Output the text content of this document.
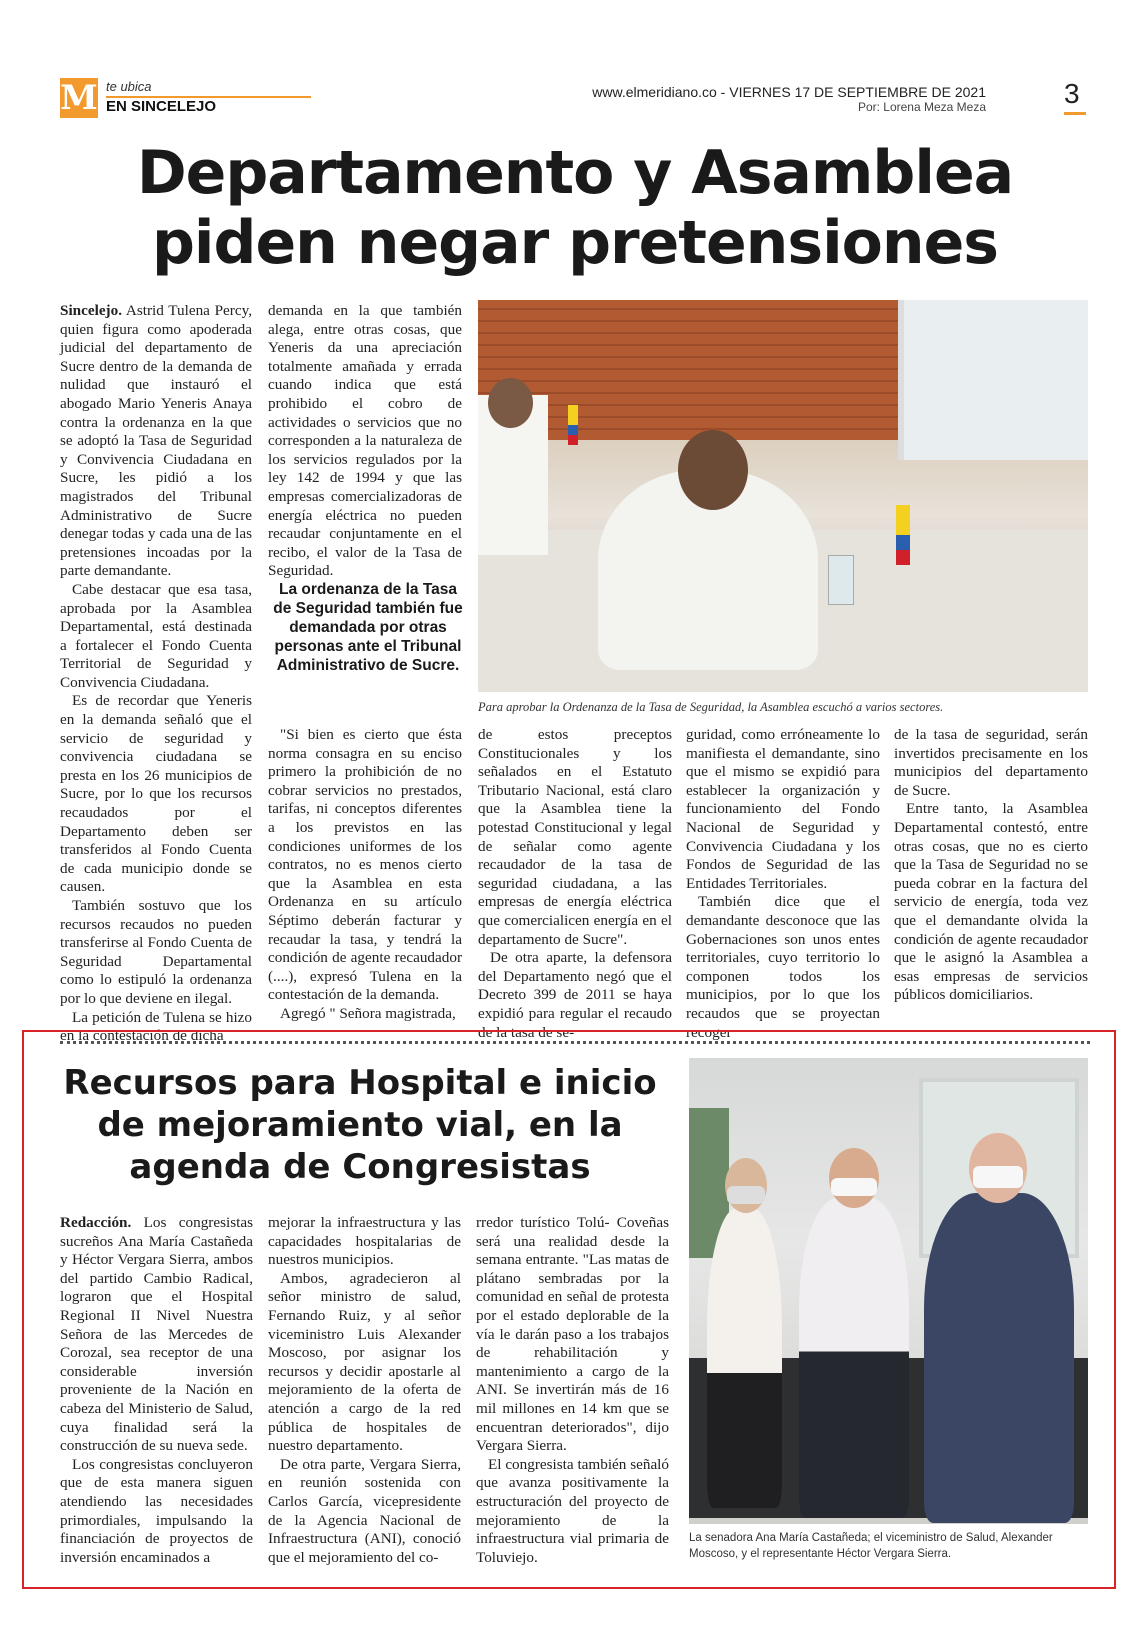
M te ubica
EN SINCELEJO
www.elmeridiano.co - VIERNES 17 DE SEPTIEMBRE DE 2021
Por: Lorena Meza Meza	3
Departamento y Asamblea
piden negar pretensiones

Sincelejo. Astrid Tulena Percy, quien figura como apoderada judicial del departamento de Sucre dentro de la demanda de nulidad que instauró el abogado Mario Yeneris Anaya contra la ordenanza en la que se adoptó la Tasa de Seguridad y Convivencia Ciudadana en Sucre, les pidió a los magistrados del Tribunal Administrativo de Sucre denegar todas y cada una de las pretensiones incoadas por la parte demandante.

Cabe destacar que esa tasa, aprobada por la Asamblea Departamental, está destinada a fortalecer el Fondo Cuenta Territorial de Seguridad y Convivencia Ciudadana.

Es de recordar que Yeneris en la demanda señaló que el servicio de seguridad y convivencia ciudadana se presta en los 26 municipios de Sucre, por lo que los recursos recaudados por el Departamento deben ser transferidos al Fondo Cuenta de cada municipio donde se causen.

También sostuvo que los recursos recaudos no pueden transferirse al Fondo Cuenta de Seguridad Departamental como lo estipuló la ordenanza por lo que deviene en ilegal.

La petición de Tulena se hizo en la contestación de dicha

demanda en la que también alega, entre otras cosas, que Yeneris da una apreciación totalmente amañada y errada cuando indica que está prohibido el cobro de actividades o servicios que no corresponden a la naturaleza de los servicios regulados por la ley 142 de 1994 y que las empresas comercializadoras de energía eléctrica no pueden recaudar conjuntamente en el recibo, el valor de la Tasa de Seguridad.

La ordenanza de la Tasa de Seguridad también fue demandada por otras personas ante el Tribunal Administrativo de Sucre.

"Si bien es cierto que ésta norma consagra en su enciso primero la prohibición de no cobrar servicios no prestados, tarifas, ni conceptos diferentes a los previstos en las condiciones uniformes de los contratos, no es menos cierto que la Asamblea en esta Ordenanza en su artículo Séptimo deberán facturar y recaudar la tasa, y tendrá la condición de agente recaudador (....), expresó Tulena en la contestación de la demanda.

Agregó " Señora magistrada,

Para aprobar la Ordenanza de la Tasa de Seguridad, la Asamblea escuchó a varios sectores.

de estos preceptos Constitucionales y los señalados en el Estatuto Tributario Nacional, está claro que la Asamblea tiene la potestad Constitucional y legal de señalar como agente recaudador de la tasa de seguridad ciudadana, a las empresas de energía eléctrica que comercialicen energía en el departamento de Sucre".

De otra aparte, la defensora del Departamento negó que el Decreto 399 de 2011 se haya expidió para regular el recaudo de la tasa de se-

guridad, como erróneamente lo manifiesta el demandante, sino que el mismo se expidió para establecer la organización y funcionamiento del Fondo Nacional de Seguridad y Convivencia Ciudadana y los Fondos de Seguridad de las Entidades Territoriales.

También dice que el demandante desconoce que las Gobernaciones son unos entes territoriales, cuyo territorio lo componen todos los municipios, por lo que los recaudos que se proyectan recoger

de la tasa de seguridad, serán invertidos precisamente en los municipios del departamento de Sucre.

Entre tanto, la Asamblea Departamental contestó, entre otras cosas, que no es cierto que la Tasa de Seguridad no se pueda cobrar en la factura del servicio de energía, toda vez que el demandante olvida la condición de agente recaudador que le asignó la Asamblea a esas empresas de servicios públicos domiciliarios.

Recursos para Hospital e inicio de mejoramiento vial, en la agenda de Congresistas

Redacción. Los congresistas sucreños Ana María Castañeda y Héctor Vergara Sierra, ambos del partido Cambio Radical, lograron que el Hospital Regional II Nivel Nuestra Señora de las Mercedes de Corozal, sea receptor de una considerable inversión proveniente de la Nación en cabeza del Ministerio de Salud, cuya finalidad será la construcción de su nueva sede.

Los congresistas concluyeron que de esta manera siguen atendiendo las necesidades primordiales, impulsando la financiación de proyectos de inversión encaminados a

mejorar la infraestructura y las capacidades hospitalarias de nuestros municipios.

Ambos, agradecieron al señor ministro de salud, Fernando Ruiz, y al señor viceministro Luis Alexander Moscoso, por asignar los recursos y decidir apostarle al mejoramiento de la oferta de atención a cargo de la red pública de hospitales de nuestro departamento.

De otra parte, Vergara Sierra, en reunión sostenida con Carlos García, vicepresidente de la Agencia Nacional de Infraestructura (ANI), conoció que el mejoramiento del co-

rredor turístico Tolú- Coveñas será una realidad desde la semana entrante. "Las matas de plátano sembradas por la comunidad en señal de protesta por el estado deplorable de la vía le darán paso a los trabajos de rehabilitación y mantenimiento a cargo de la ANI. Se invertirán más de 16 mil millones en 14 km que se encuentran deteriorados", dijo Vergara Sierra.

El congresista también señaló que avanza positivamente la estructuración del proyecto de mejoramiento de la infraestructura vial primaria de Toluviejo.

La senadora Ana María Castañeda; el viceministro de Salud, Alexander Moscoso, y el representante Héctor Vergara Sierra.
